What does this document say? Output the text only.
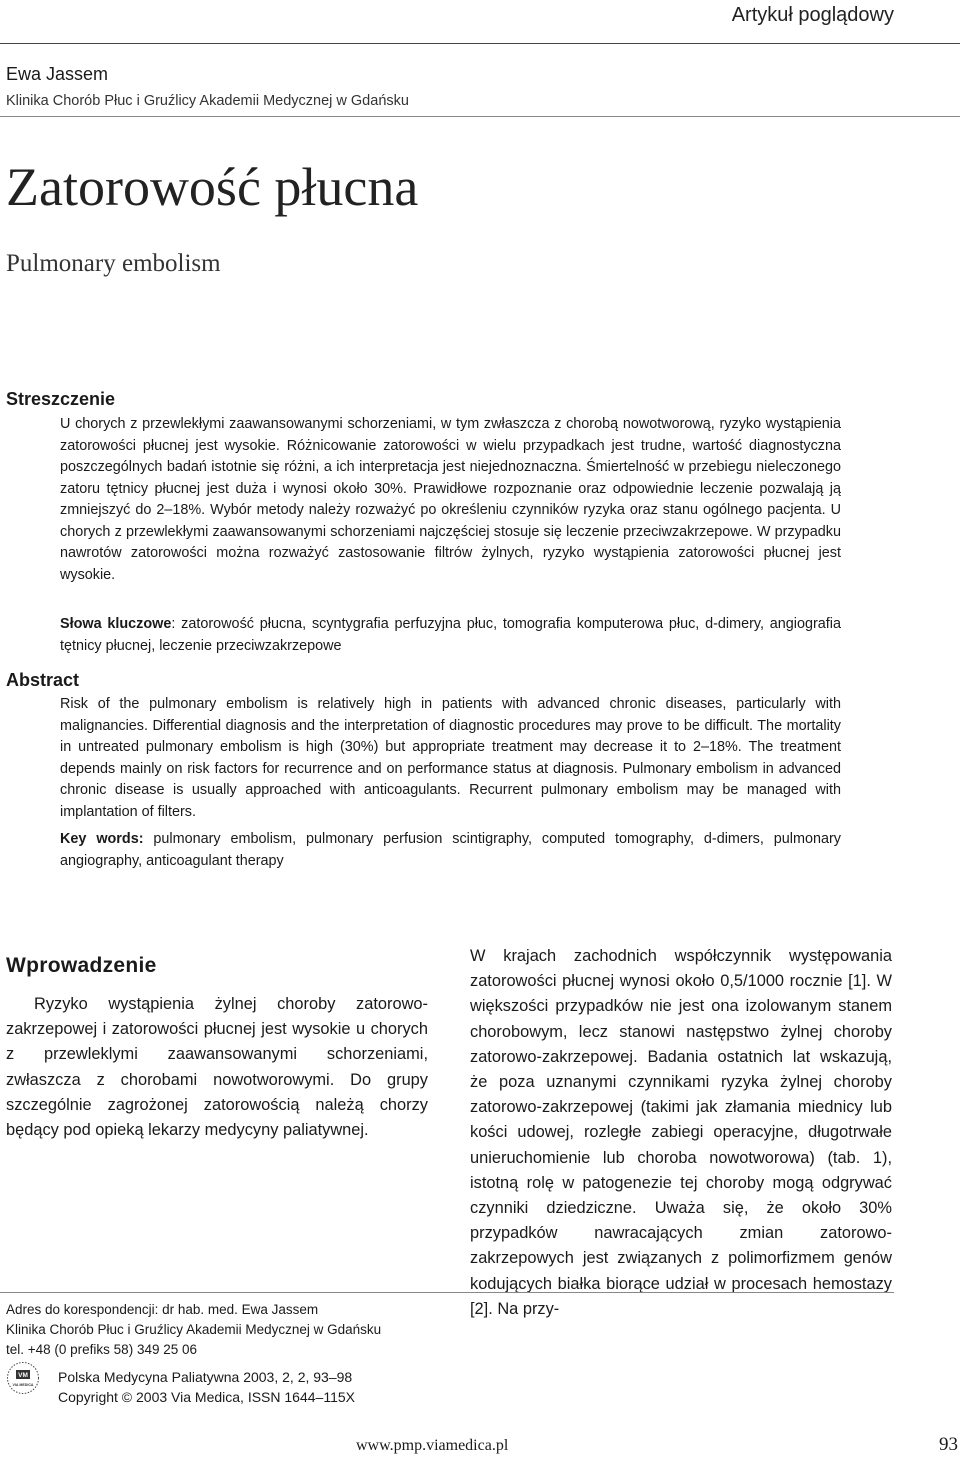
Artykuł poglądowy
Ewa Jassem
Klinika Chorób Płuc i Gruźlicy Akademii Medycznej w Gdańsku
Zatorowość płucna
Pulmonary embolism
Streszczenie

U chorych z przewlekłymi zaawansowanymi schorzeniami, w tym zwłaszcza z chorobą nowotworową, ryzyko wystąpienia zatorowości płucnej jest wysokie. Różnicowanie zatorowości w wielu przypadkach jest trudne, wartość diagnostyczna poszczególnych badań istotnie się różni, a ich interpretacja jest niejednoznaczna. Śmiertelność w przebiegu nieleczonego zatoru tętnicy płucnej jest duża i wynosi około 30%. Prawidłowe rozpoznanie oraz odpowiednie leczenie pozwalają ją zmniejszyć do 2–18%. Wybór metody należy rozważyć po określeniu czynników ryzyka oraz stanu ogólnego pacjenta. U chorych z przewlekłymi zaawansowanymi schorzeniami najczęściej stosuje się leczenie przeciwzakrzepowe. W przypadku nawrotów zatorowości można rozważyć zastosowanie filtrów żylnych, ryzyko wystąpienia zatorowości płucnej jest wysokie.

Słowa kluczowe: zatorowość płucna, scyntygrafia perfuzyjna płuc, tomografia komputerowa płuc, d-dimery, angiografia tętnicy płucnej, leczenie przeciwzakrzepowe

Abstract

Risk of the pulmonary embolism is relatively high in patients with advanced chronic diseases, particularly with malignancies. Differential diagnosis and the interpretation of diagnostic procedures may prove to be difficult. The mortality in untreated pulmonary embolism is high (30%) but appropriate treatment may decrease it to 2–18%. The treatment depends mainly on risk factors for recurrence and on performance status at diagnosis. Pulmonary embolism in advanced chronic disease is usually approached with anticoagulants. Recurrent pulmonary embolism may be managed with implantation of filters.

Key words: pulmonary embolism, pulmonary perfusion scintigraphy, computed tomography, d-dimers, pulmonary angiography, anticoagulant therapy

Wprowadzenie

Ryzyko wystąpienia żylnej choroby zatorowo-zakrzepowej i zatorowości płucnej jest wysokie u chorych z przewleklymi zaawansowanymi schorzeniami, zwłaszcza z chorobami nowotworowymi. Do grupy szczególnie zagrożonej zatorowością należą chorzy będący pod opieką lekarzy medycyny paliatywnej.

W krajach zachodnich współczynnik występowania zatorowości płucnej wynosi około 0,5/1000 rocznie [1]. W większości przypadków nie jest ona izolowanym stanem chorobowym, lecz stanowi następstwo żylnej choroby zatorowo-zakrzepowej. Badania ostatnich lat wskazują, że poza uznanymi czynnikami ryzyka żylnej choroby zatorowo-zakrzepowej (takimi jak złamania miednicy lub kości udowej, rozległe zabiegi operacyjne, długotrwałe unieruchomienie lub choroba nowotworowa) (tab. 1), istotną rolę w patogenezie tej choroby mogą odgrywać czynniki dziedziczne. Uważa się, że około 30% przypadków nawracających zmian zatorowo-zakrzepowych jest związanych z polimorfizmem genów kodujących białka biorące udział w procesach hemostazy [2]. Na przy-

Adres do korespondencji: dr hab. med. Ewa Jassem
Klinika Chorób Płuc i Gruźlicy Akademii Medycznej w Gdańsku
tel. +48 (0 prefiks 58) 349 25 06
VM
VIA MEDICA Polska Medycyna Paliatywna 2003, 2, 2, 93–98
Copyright © 2003 Via Medica, ISSN 1644–115X
www.pmp.viamedica.pl	93
